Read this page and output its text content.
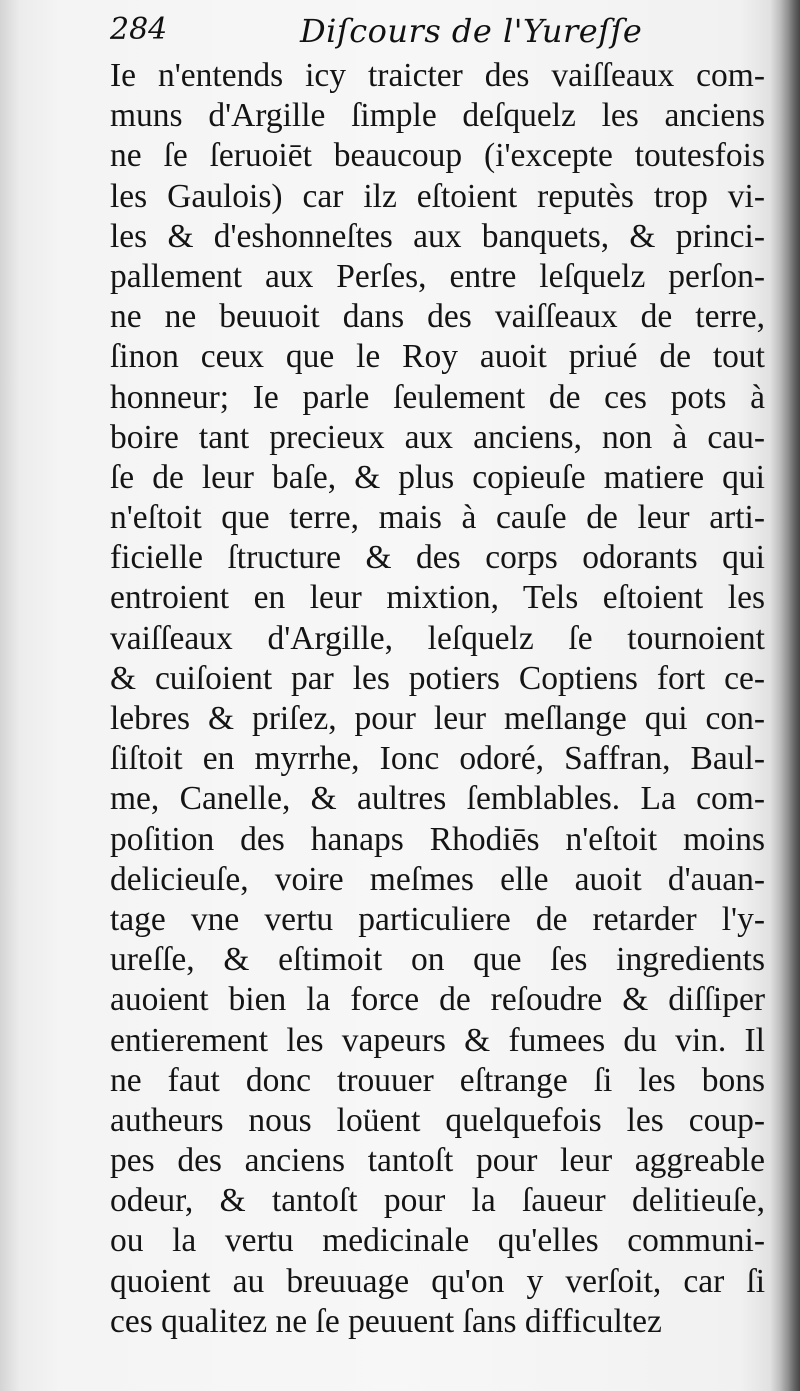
284	Diſcours de l'Yureſſe
Ie n'entends icy traicter des vaiſſeaux com-
muns d'Argille ſimple deſquelz les anciens
ne ſe ſeruoiēt beaucoup (i'excepte toutesfois
les Gaulois) car ilz eſtoient reputès trop vi-
les & d'eshonneſtes aux banquets, & princi-
pallement aux Perſes, entre leſquelz perſon-
ne ne beuuoit dans des vaiſſeaux de terre,
ſinon ceux que le Roy auoit priué de tout
honneur; Ie parle ſeulement de ces pots à
boire tant precieux aux anciens, non à cau-
ſe de leur baſe, & plus copieuſe matiere qui
n'eſtoit que terre, mais à cauſe de leur arti-
ficielle ſtructure & des corps odorants qui
entroient en leur mixtion, Tels eſtoient les
vaiſſeaux d'Argille, leſquelz ſe tournoient
& cuiſoient par les potiers Coptiens fort ce-
lebres & priſez, pour leur meſlange qui con-
ſiſtoit en myrrhe, Ionc odoré, Saffran, Baul-
me, Canelle, & aultres ſemblables. La com-
poſition des hanaps Rhodiēs n'eſtoit moins
delicieuſe, voire meſmes elle auoit d'auan-
tage vne vertu particuliere de retarder l'y-
ureſſe, & eſtimoit on que ſes ingredients
auoient bien la force de reſoudre & diſſiper
entierement les vapeurs & fumees du vin. Il
ne faut donc trouuer eſtrange ſi les bons
autheurs nous loüent quelquefois les coup-
pes des anciens tantoſt pour leur aggreable
odeur, & tantoſt pour la ſaueur delitieuſe,
ou la vertu medicinale qu'elles communi-
quoient au breuuage qu'on y verſoit, car ſi
ces qualitez ne ſe peuuent ſans difficultez
